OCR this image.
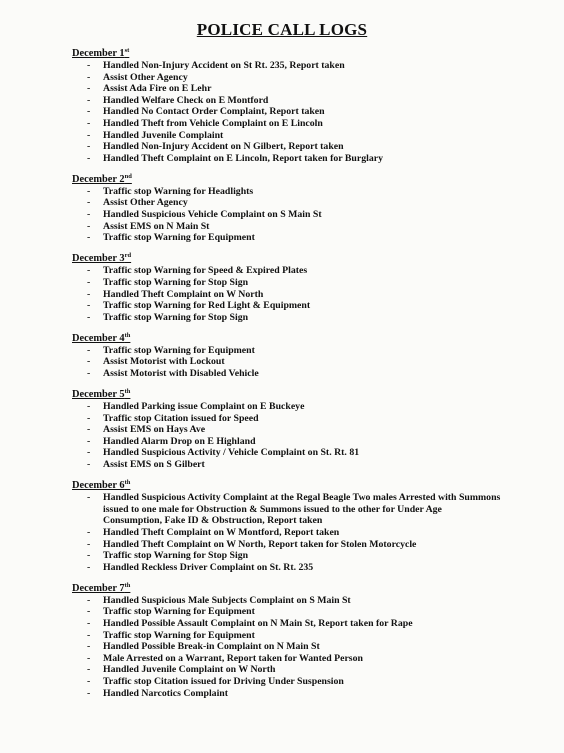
POLICE CALL LOGS
December 1st
- Handled Non-Injury Accident on St Rt. 235, Report taken
- Assist Other Agency
- Assist Ada Fire on E Lehr
- Handled Welfare Check on E Montford
- Handled No Contact Order Complaint, Report taken
- Handled Theft from Vehicle Complaint on E Lincoln
- Handled Juvenile Complaint
- Handled Non-Injury Accident on N Gilbert, Report taken
- Handled Theft Complaint on E Lincoln, Report taken for Burglary
December 2nd
- Traffic stop Warning for Headlights
- Assist Other Agency
- Handled Suspicious Vehicle Complaint on S Main St
- Assist EMS on N Main St
- Traffic stop Warning for Equipment
December 3rd
- Traffic stop Warning for Speed & Expired Plates
- Traffic stop Warning for Stop Sign
- Handled Theft Complaint on W North
- Traffic stop Warning for Red Light & Equipment
- Traffic stop Warning for Stop Sign
December 4th
- Traffic stop Warning for Equipment
- Assist Motorist with Lockout
- Assist Motorist with Disabled Vehicle
December 5th
- Handled Parking issue Complaint on E Buckeye
- Traffic stop Citation issued for Speed
- Assist EMS on Hays Ave
- Handled Alarm Drop on E Highland
- Handled Suspicious Activity / Vehicle Complaint on St. Rt. 81
- Assist EMS on S Gilbert
December 6th
- Handled Suspicious Activity Complaint at the Regal Beagle Two males Arrested with Summons issued to one male for Obstruction & Summons issued to the other for Under Age Consumption, Fake ID & Obstruction, Report taken
- Handled Theft Complaint on W Montford, Report taken
- Handled Theft Complaint on W North, Report taken for Stolen Motorcycle
- Traffic stop Warning for Stop Sign
- Handled Reckless Driver Complaint on St. Rt. 235
December 7th
- Handled Suspicious Male Subjects Complaint on S Main St
- Traffic stop Warning for Equipment
- Handled Possible Assault Complaint on N Main St, Report taken for Rape
- Traffic stop Warning for Equipment
- Handled Possible Break-in Complaint on N Main St
- Male Arrested on a Warrant, Report taken for Wanted Person
- Handled Juvenile Complaint on W North
- Traffic stop Citation issued for Driving Under Suspension
- Handled Narcotics Complaint
